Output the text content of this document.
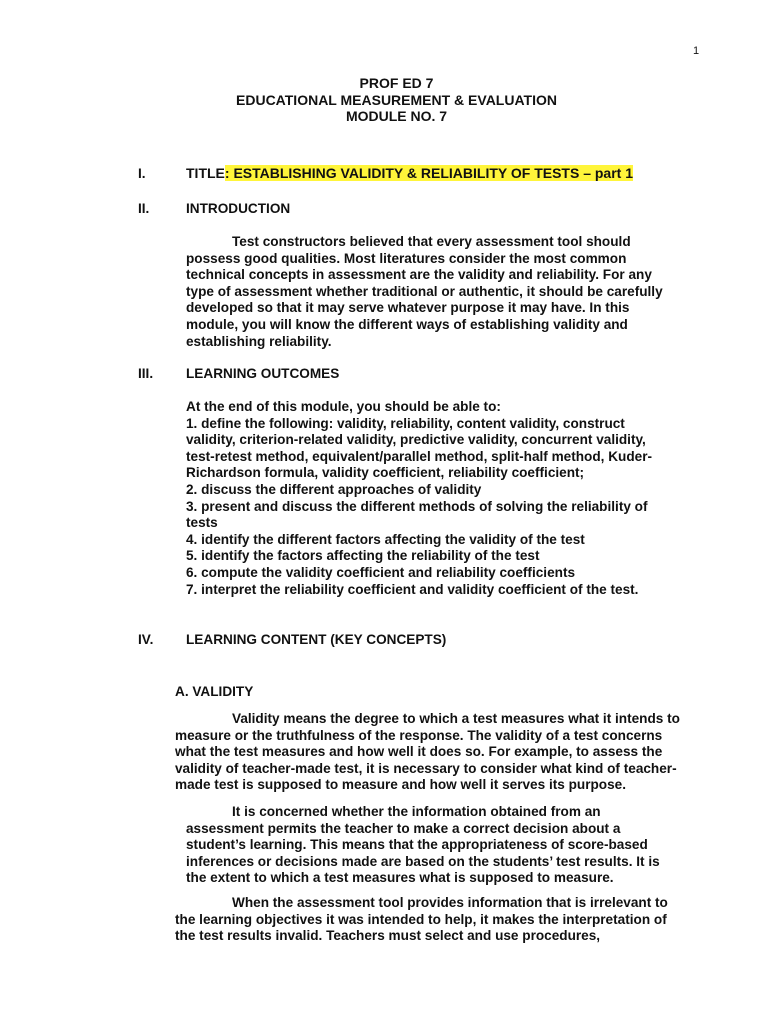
1
PROF ED 7
EDUCATIONAL MEASUREMENT & EVALUATION
MODULE NO. 7
I.	TITLE: ESTABLISHING VALIDITY & RELIABILITY OF TESTS – part 1
II.	INTRODUCTION
Test constructors believed that every assessment tool should
possess good qualities. Most literatures consider the most common
technical concepts in assessment are the validity and reliability. For any
type of assessment whether traditional or authentic, it should be carefully
developed so that it may serve whatever purpose it may have. In this
module, you will know the different ways of establishing validity and
establishing reliability.
III. LEARNING OUTCOMES
At the end of this module, you should be able to:
1. define the following: validity, reliability, content validity, construct
validity, criterion-related validity, predictive validity, concurrent validity,
test-retest method, equivalent/parallel method, split-half method, Kuder-
Richardson formula, validity coefficient, reliability coefficient;
2. discuss the different approaches of validity
3. present and discuss the different methods of solving the reliability of
tests
4. identify the different factors affecting the validity of the test
5. identify the factors affecting the reliability of the test
6. compute the validity coefficient and reliability coefficients
7. interpret the reliability coefficient and validity coefficient of the test.
IV. LEARNING CONTENT (KEY CONCEPTS)
A. VALIDITY
Validity means the degree to which a test measures what it intends to
measure or the truthfulness of the response. The validity of a test concerns
what the test measures and how well it does so. For example, to assess the
validity of teacher-made test, it is necessary to consider what kind of teacher-
made test is supposed to measure and how well it serves its purpose.
It is concerned whether the information obtained from an
assessment permits the teacher to make a correct decision about a
student’s learning. This means that the appropriateness of score-based
inferences or decisions made are based on the students’ test results. It is
the extent to which a test measures what is supposed to measure.
When the assessment tool provides information that is irrelevant to
the learning objectives it was intended to help, it makes the interpretation of
the test results invalid. Teachers must select and use procedures,
